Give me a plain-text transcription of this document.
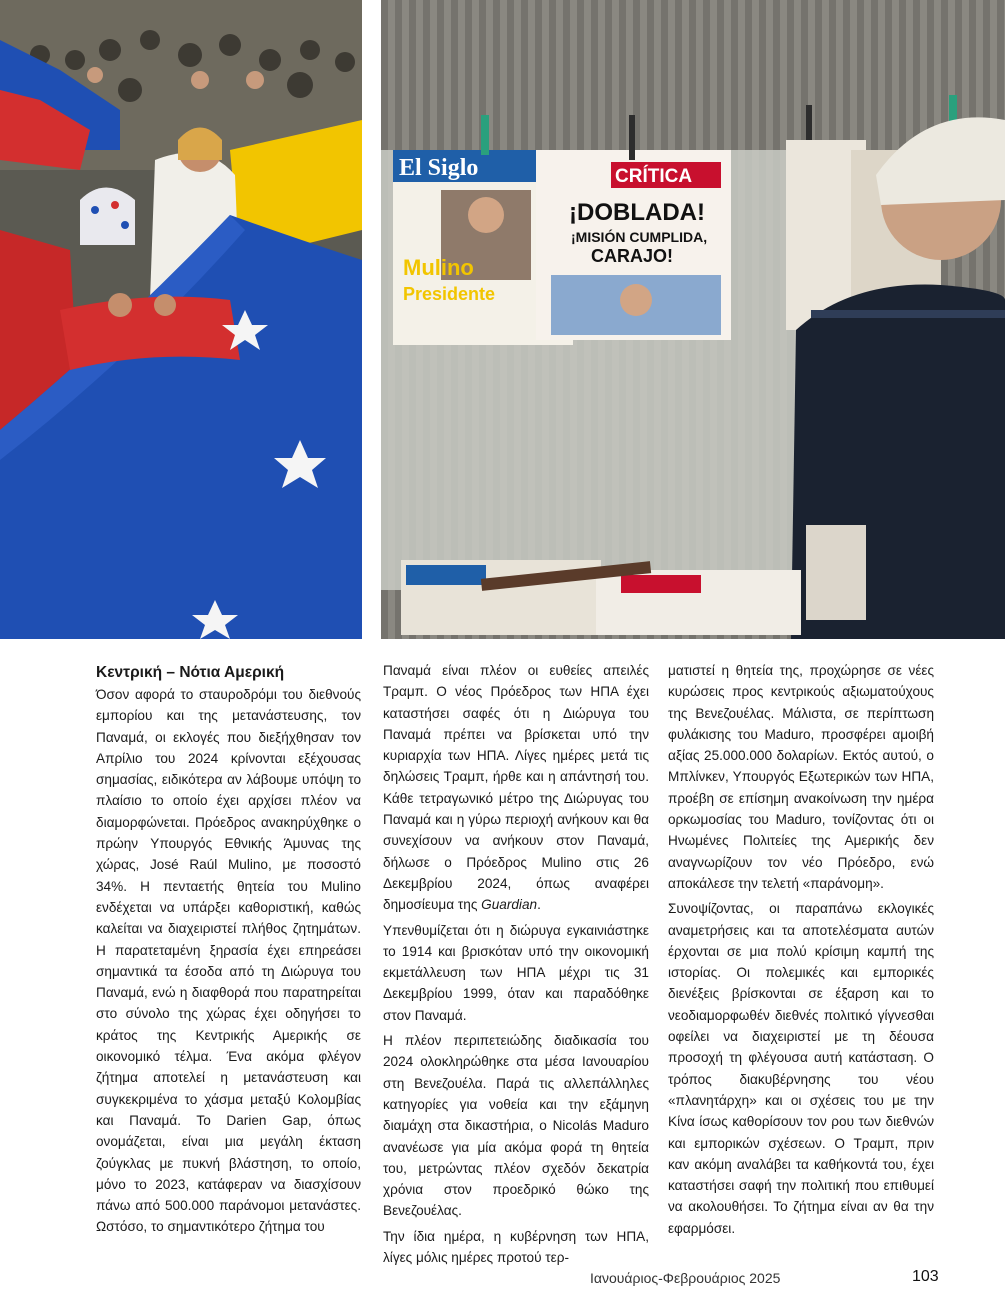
El Siglo
Mulino
Presidente
CRÍTICA
¡DOBLADA!
¡MISIÓN CUMPLIDA,
CARAJO!
Κεντρική – Νότια Αμερική

Όσον αφορά το σταυροδρόμι του διεθνούς εμπορίου και της μετανάστευσης, τον Παναμά, οι εκλογές που διεξήχθησαν τον Απρίλιο του 2024 κρίνονται εξέχουσας σημασίας, ειδικότερα αν λάβουμε υπόψη το πλαίσιο το οποίο έχει αρχίσει πλέον να διαμορφώνεται. Πρόεδρος ανακηρύχθηκε ο πρώην Υπουργός Εθνικής Άμυνας της χώρας, José Raúl Mulino, με ποσοστό 34%. Η πενταετής θητεία του Mulino ενδέχεται να υπάρξει καθοριστική, καθώς καλείται να διαχειριστεί πλήθος ζητημάτων. Η παρατεταμένη ξηρασία έχει επηρεάσει σημαντικά τα έσοδα από τη Διώρυγα του Παναμά, ενώ η διαφθορά που παρατηρείται στο σύνολο της χώρας έχει οδηγήσει το κράτος της Κεντρικής Αμερικής σε οικονομικό τέλμα. Ένα ακόμα φλέγον ζήτημα αποτελεί η μετανάστευση και συγκεκριμένα το χάσμα μεταξύ Κολομβίας και Παναμά. Το Darien Gap, όπως ονομάζεται, είναι μια μεγάλη έκταση ζούγκλας με πυκνή βλάστηση, το οποίο, μόνο το 2023, κατάφεραν να διασχίσουν πάνω από 500.000 παράνομοι μετανάστες. Ωστόσο, το σημαντικότερο ζήτημα του

Παναμά είναι πλέον οι ευθείες απειλές Τραμπ. Ο νέος Πρόεδρος των ΗΠΑ έχει καταστήσει σαφές ότι η Διώρυγα του Παναμά πρέπει να βρίσκεται υπό την κυριαρχία των ΗΠΑ. Λίγες ημέρες μετά τις δηλώσεις Τραμπ, ήρθε και η απάντησή του. Κάθε τετραγωνικό μέτρο της Διώρυγας του Παναμά και η γύρω περιοχή ανήκουν και θα συνεχίσουν να ανήκουν στον Παναμά, δήλωσε ο Πρόεδρος Mulino στις 26 Δεκεμβρίου 2024, όπως αναφέρει δημοσίευμα της Guardian.

Υπενθυμίζεται ότι η διώρυγα εγκαινιάστηκε το 1914 και βρισκόταν υπό την οικονομική εκμετάλλευση των ΗΠΑ μέχρι τις 31 Δεκεμβρίου 1999, όταν και παραδόθηκε στον Παναμά.

Η πλέον περιπετειώδης διαδικασία του 2024 ολοκληρώθηκε στα μέσα Ιανουαρίου στη Βενεζουέλα. Παρά τις αλλεπάλληλες κατηγορίες για νοθεία και την εξάμηνη διαμάχη στα δικαστήρια, ο Nicolás Maduro ανανέωσε για μία ακόμα φορά τη θητεία του, μετρώντας πλέον σχεδόν δεκατρία χρόνια στον προεδρικό θώκο της Βενεζουέλας.

Την ίδια ημέρα, η κυβέρνηση των ΗΠΑ, λίγες μόλις ημέρες προτού τερ-

ματιστεί η θητεία της, προχώρησε σε νέες κυρώσεις προς κεντρικούς αξιωματούχους της Βενεζουέλας. Μάλιστα, σε περίπτωση φυλάκισης του Maduro, προσφέρει αμοιβή αξίας 25.000.000 δολαρίων. Εκτός αυτού, ο Μπλίνκεν, Υπουργός Εξωτερικών των ΗΠΑ, προέβη σε επίσημη ανακοίνωση την ημέρα ορκωμοσίας του Maduro, τονίζοντας ότι οι Ηνωμένες Πολιτείες της Αμερικής δεν αναγνωρίζουν τον νέο Πρόεδρο, ενώ αποκάλεσε την τελετή «παράνομη».

Συνοψίζοντας, οι παραπάνω εκλογικές αναμετρήσεις και τα αποτελέσματα αυτών έρχονται σε μια πολύ κρίσιμη καμπή της ιστορίας. Οι πολεμικές και εμπορικές διενέξεις βρίσκονται σε έξαρση και το νεοδιαμορφωθέν διεθνές πολιτικό γίγνεσθαι οφείλει να διαχειριστεί με τη δέουσα προσοχή τη φλέγουσα αυτή κατάσταση. Ο τρόπος διακυβέρνησης του νέου «πλανητάρχη» και οι σχέσεις του με την Κίνα ίσως καθορίσουν τον ρου των διεθνών και εμπορικών σχέσεων. Ο Τραμπ, πριν καν ακόμη αναλάβει τα καθήκοντά του, έχει καταστήσει σαφή την πολιτική που επιθυμεί να ακολουθήσει. Το ζήτημα είναι αν θα την εφαρμόσει.

Ιανουάριος-Φεβρουάριος 2025	103
